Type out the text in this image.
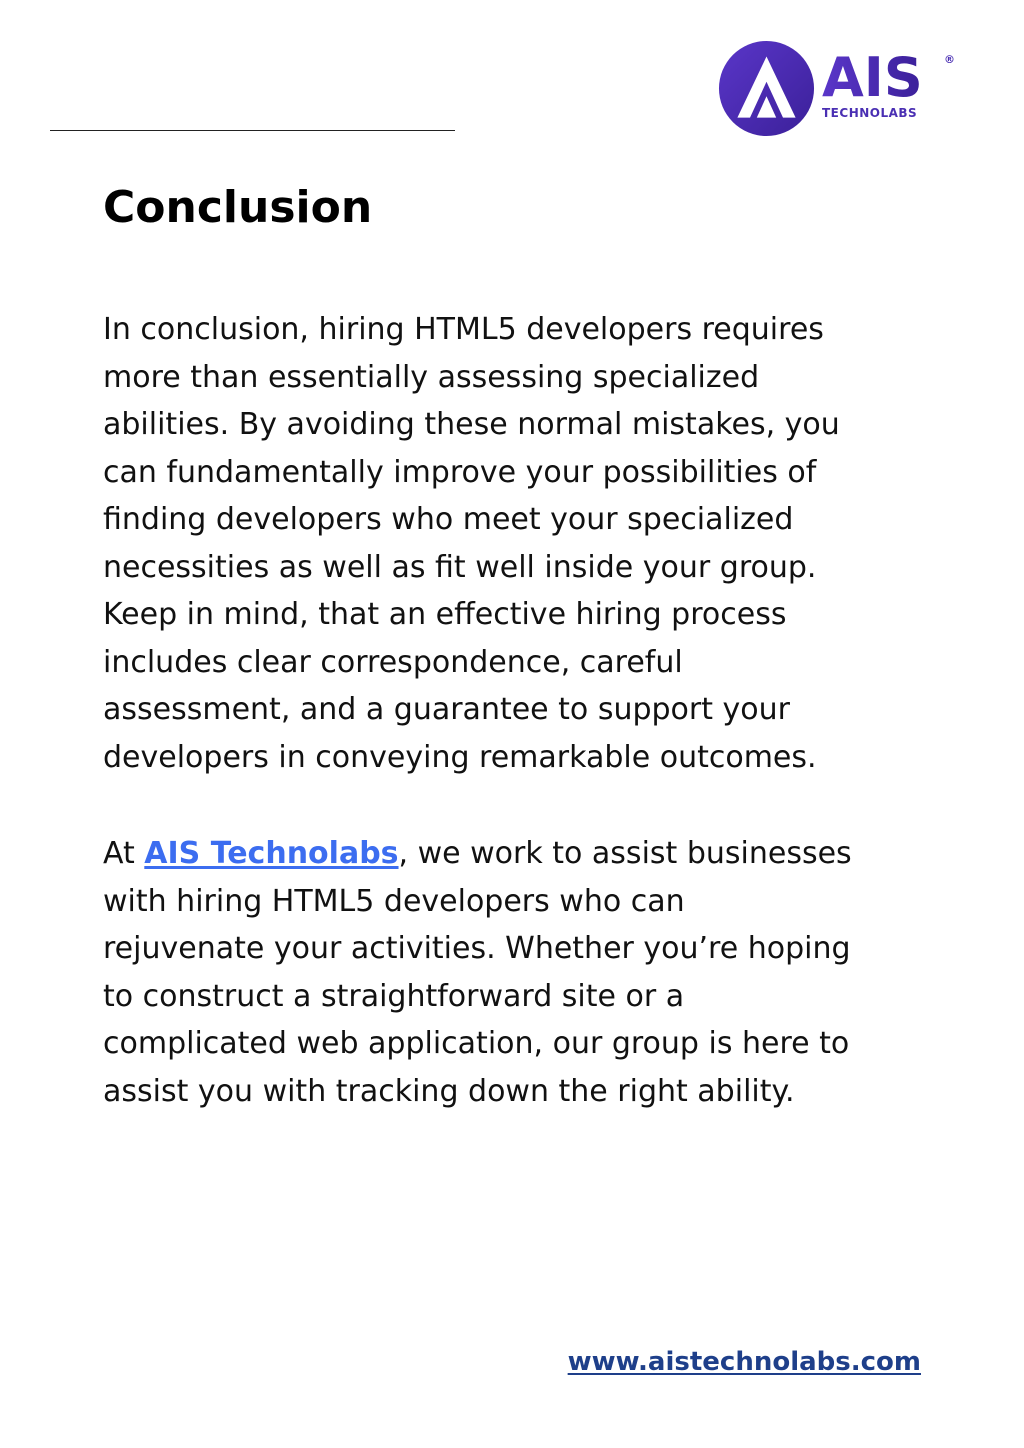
AIS ®
TECHNOLABS
Conclusion

In conclusion, hiring HTML5 developers requires
more than essentially assessing specialized
abilities. By avoiding these normal mistakes, you
can fundamentally improve your possibilities of
finding developers who meet your specialized
necessities as well as fit well inside your group.
Keep in mind, that an effective hiring process
includes clear correspondence, careful
assessment, and a guarantee to support your
developers in conveying remarkable outcomes.

At AIS Technolabs, we work to assist businesses
with hiring HTML5 developers who can
rejuvenate your activities. Whether you’re hoping
to construct a straightforward site or a
complicated web application, our group is here to
assist you with tracking down the right ability.

www.aistechnolabs.com
